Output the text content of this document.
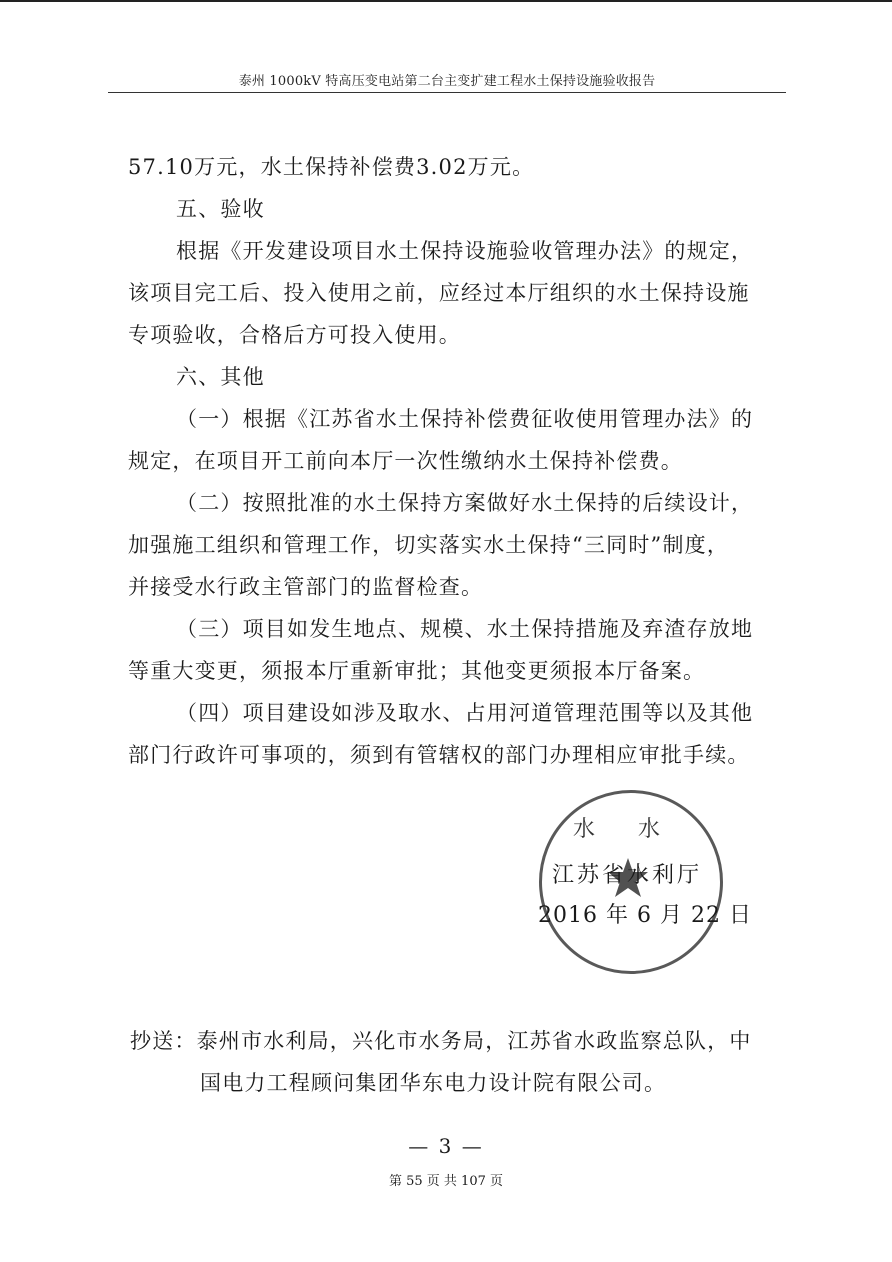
泰州 1000kV 特高压变电站第二台主变扩建工程水土保持设施验收报告
57.10万元，水土保持补偿费3.02万元。
五、验收
根据《开发建设项目水土保持设施验收管理办法》的规定，
该项目完工后、投入使用之前，应经过本厅组织的水土保持设施
专项验收，合格后方可投入使用。
六、其他
（一）根据《江苏省水土保持补偿费征收使用管理办法》的
规定，在项目开工前向本厅一次性缴纳水土保持补偿费。
（二）按照批准的水土保持方案做好水土保持的后续设计，
加强施工组织和管理工作，切实落实水土保持“三同时”制度，
并接受水行政主管部门的监督检查。
（三）项目如发生地点、规模、水土保持措施及弃渣存放地
等重大变更，须报本厅重新审批；其他变更须报本厅备案。
（四）项目建设如涉及取水、占用河道管理范围等以及其他
部门行政许可事项的，须到有管辖权的部门办理相应审批手续。
水 水
江苏省水利厅
2016 年 6 月 22 日
抄送：泰州市水利局，兴化市水务局，江苏省水政监察总队，中
国电力工程顾问集团华东电力设计院有限公司。
— 3 —
第 55 页 共 107 页
